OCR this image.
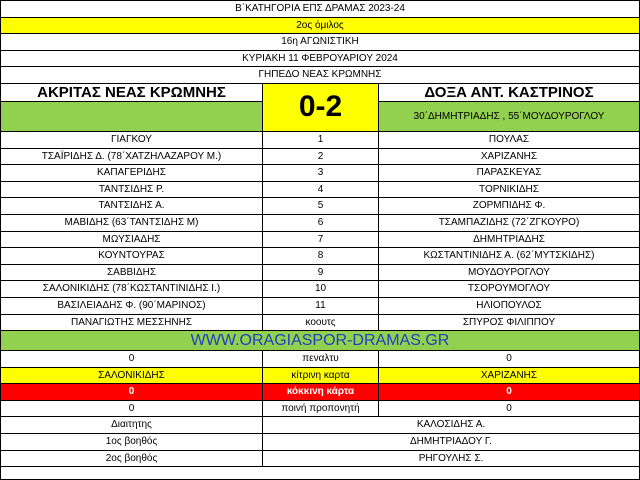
Β΄ΚΑΤΗΓΟΡΙΑ ΕΠΣ ΔΡΑΜΑΣ 2023-24
2ος όμιλος
16η ΑΓΩΝΙΣΤΙΚΗ
ΚΥΡΙΑΚΗ 11 ΦΕΒΡΟΥΑΡΙΟΥ 2024
ΓΗΠΕΔΟ ΝΕΑΣ ΚΡΩΜΝΗΣ
ΑΚΡΙΤΑΣ ΝΕΑΣ ΚΡΩΜΝΗΣ	0-2	ΔΟΞΑ ΑΝΤ. ΚΑΣΤΡΙΝΟΣ
30΄ΔΗΜΗΤΡΙΑΔΗΣ , 55΄ΜΟΥΔΟΥΡΟΓΛΟΥ
ΓΙΑΓΚΟΥ	1	ΠΟΥΛΑΣ
ΤΣΑΪΡΙΔΗΣ Δ. (78΄ΧΑΤΖΗΛΑΖΑΡΟΥ Μ.)	2	ΧΑΡΙΖΑΝΗΣ
ΚΑΠΑΓΕΡΙΔΗΣ	3	ΠΑΡΑΣΚΕΥΑΣ
ΤΑΝΤΣΙΔΗΣ Ρ.	4	ΤΟΡΝΙΚΙΔΗΣ
ΤΑΝΤΣΙΔΗΣ Α.	5	ΖΟΡΜΠΙΔΗΣ Φ.
ΜΑΒΙΔΗΣ (63΄ΤΑΝΤΣΙΔΗΣ Μ)	6	ΤΣΑΜΠΑΖΙΔΗΣ (72΄ΖΓΚΟΥΡΟ)
ΜΩΥΣΙΑΔΗΣ	7	ΔΗΜΗΤΡΙΑΔΗΣ
ΚΟΥΝΤΟΥΡΑΣ	8	ΚΩΣΤΑΝΤΙΝΙΔΗΣ Α. (62΄ΜΥΤΣΚΙΔΗΣ)
ΣΑΒΒΙΔΗΣ	9	ΜΟΥΔΟΥΡΟΓΛΟΥ
ΣΑΛΟΝΙΚΙΔΗΣ (78΄ΚΩΣΤΑΝΤΙΝΙΔΗΣ Ι.)	10	ΤΣΟΡΟΥΜΟΓΛΟΥ
ΒΑΣΙΛΕΙΑΔΗΣ Φ. (90΄ΜΑΡΙΝΟΣ)	11	ΗΛΙΟΠΟΥΛΟΣ
ΠΑΝΑΓΙΩΤΗΣ ΜΕΣΣΗΝΗΣ	κοουτς	ΣΠΥΡΟΣ ΦΙΛΙΠΠΟΥ
WWW.ORAGIASPOR-DRAMAS.GR
0	πεναλτυ	0
ΣΑΛΟΝΙΚΙΔΗΣ	κίτρινη καρτα	ΧΑΡΙΖΑΝΗΣ
0	κόκκινη κάρτα	0
0	ποινή προπονητή	0
Διαιτητης	ΚΑΛΟΣΙΔΗΣ Α.
1ος βοηθός	ΔΗΜΗΤΡΙΑΔΟΥ Γ.
2ος βοηθός	ΡΗΓΟΥΛΗΣ Σ.
